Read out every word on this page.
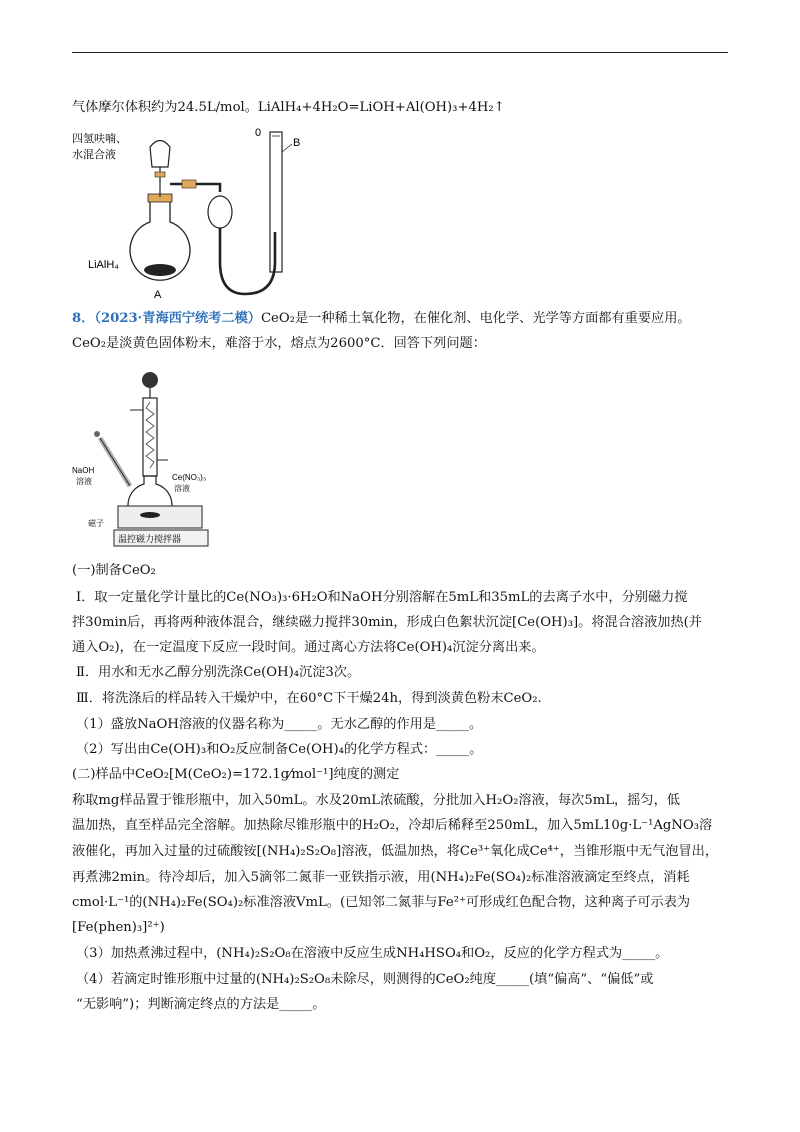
气体摩尔体积约为24.5L/mol。LiAlH₄+4H₂O=LiOH+Al(OH)₃+4H₂↑
0
B
四氢呋喃、
水混合液
LiAlH₄
A
8．（2023·青海西宁统考二模）CeO₂是一种稀土氧化物，在催化剂、电化学、光学等方面都有重要应用。
CeO₂是淡黄色固体粉末，难溶于水，熔点为2600°C．回答下列问题：
NaOH
溶液	Ce(NO₃)₃
溶液
磁子
温控磁力搅拌器
(一)制备CeO₂
Ⅰ．取一定量化学计量比的Ce(NO₃)₃·6H₂O和NaOH分别溶解在5mL和35mL的去离子水中，分别磁力搅
拌30min后，再将两种液体混合，继续磁力搅拌30min，形成白色絮状沉淀[Ce(OH)₃]。将混合溶液加热(并
通入O₂)，在一定温度下反应一段时间。通过离心方法将Ce(OH)₄沉淀分离出来。
Ⅱ．用水和无水乙醇分别洗涤Ce(OH)₄沉淀3次。
Ⅲ．将洗涤后的样品转入干燥炉中，在60°C下干燥24h，得到淡黄色粉末CeO₂.
（1）盛放NaOH溶液的仪器名称为_____。无水乙醇的作用是_____。
（2）写出由Ce(OH)₃和O₂反应制备Ce(OH)₄的化学方程式：_____。
(二)样品中CeO₂[M(CeO₂)=172.1g⁄mol⁻¹]纯度的测定
称取mg样品置于锥形瓶中，加入50mL。水及20mL浓硫酸，分批加入H₂O₂溶液，每次5mL，摇匀，低
温加热，直至样品完全溶解。加热除尽锥形瓶中的H₂O₂，冷却后稀释至250mL，加入5mL10g·L⁻¹AgNO₃溶
液催化，再加入过量的过硫酸铵[(NH₄)₂S₂O₈]溶液，低温加热，将Ce³⁺氧化成Ce⁴⁺，当锥形瓶中无气泡冒出，
再煮沸2min。待冷却后，加入5滴邻二氮菲一亚铁指示液，用(NH₄)₂Fe(SO₄)₂标准溶液滴定至终点，消耗
cmol·L⁻¹的(NH₄)₂Fe(SO₄)₂标准溶液VmL。(已知邻二氮菲与Fe²⁺可形成红色配合物，这种离子可示表为
[Fe(phen)₃]²⁺)
（3）加热煮沸过程中，(NH₄)₂S₂O₈在溶液中反应生成NH₄HSO₄和O₂，反应的化学方程式为_____。
（4）若滴定时锥形瓶中过量的(NH₄)₂S₂O₈未除尽，则测得的CeO₂纯度_____(填“偏高”、“偏低”或
“无影响”)；判断滴定终点的方法是_____。
